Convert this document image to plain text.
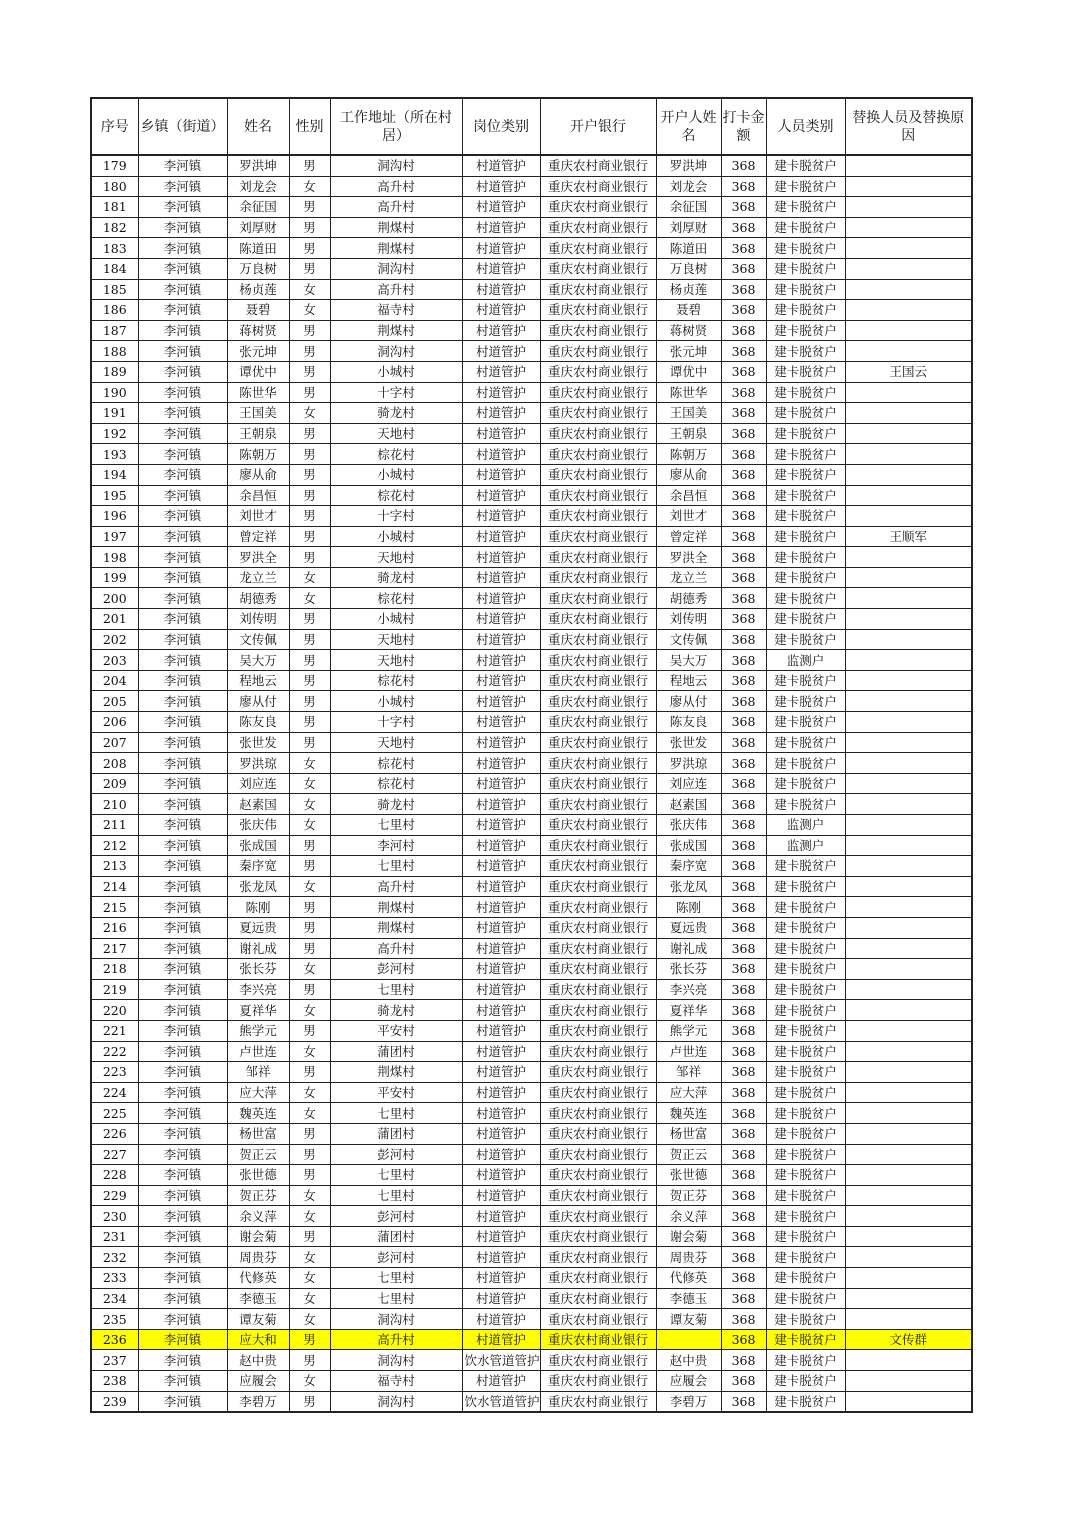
序号	乡镇（街道）	姓名	性别	工作地址（所在村居）	岗位类别	开户银行	开户人姓名	打卡金额	人员类别	替换人员及替换原因
179	李河镇	罗洪坤	男	洞沟村	村道管护	重庆农村商业银行	罗洪坤	368	建卡脱贫户	
180	李河镇	刘龙会	女	高升村	村道管护	重庆农村商业银行	刘龙会	368	建卡脱贫户	
181	李河镇	余征国	男	高升村	村道管护	重庆农村商业银行	余征国	368	建卡脱贫户	
182	李河镇	刘厚财	男	荆煤村	村道管护	重庆农村商业银行	刘厚财	368	建卡脱贫户	
183	李河镇	陈道田	男	荆煤村	村道管护	重庆农村商业银行	陈道田	368	建卡脱贫户	
184	李河镇	万良树	男	洞沟村	村道管护	重庆农村商业银行	万良树	368	建卡脱贫户	
185	李河镇	杨贞莲	女	高升村	村道管护	重庆农村商业银行	杨贞莲	368	建卡脱贫户	
186	李河镇	聂碧	女	福寺村	村道管护	重庆农村商业银行	聂碧	368	建卡脱贫户	
187	李河镇	蒋树贤	男	荆煤村	村道管护	重庆农村商业银行	蒋树贤	368	建卡脱贫户	
188	李河镇	张元坤	男	洞沟村	村道管护	重庆农村商业银行	张元坤	368	建卡脱贫户	
189	李河镇	谭优中	男	小城村	村道管护	重庆农村商业银行	谭优中	368	建卡脱贫户	王国云
190	李河镇	陈世华	男	十字村	村道管护	重庆农村商业银行	陈世华	368	建卡脱贫户	
191	李河镇	王国美	女	骑龙村	村道管护	重庆农村商业银行	王国美	368	建卡脱贫户	
192	李河镇	王朝泉	男	天地村	村道管护	重庆农村商业银行	王朝泉	368	建卡脱贫户	
193	李河镇	陈朝万	男	棕花村	村道管护	重庆农村商业银行	陈朝万	368	建卡脱贫户	
194	李河镇	廖从俞	男	小城村	村道管护	重庆农村商业银行	廖从俞	368	建卡脱贫户	
195	李河镇	余昌恒	男	棕花村	村道管护	重庆农村商业银行	余昌恒	368	建卡脱贫户	
196	李河镇	刘世才	男	十字村	村道管护	重庆农村商业银行	刘世才	368	建卡脱贫户	
197	李河镇	曾定祥	男	小城村	村道管护	重庆农村商业银行	曾定祥	368	建卡脱贫户	王顺军
198	李河镇	罗洪全	男	天地村	村道管护	重庆农村商业银行	罗洪全	368	建卡脱贫户	
199	李河镇	龙立兰	女	骑龙村	村道管护	重庆农村商业银行	龙立兰	368	建卡脱贫户	
200	李河镇	胡德秀	女	棕花村	村道管护	重庆农村商业银行	胡德秀	368	建卡脱贫户	
201	李河镇	刘传明	男	小城村	村道管护	重庆农村商业银行	刘传明	368	建卡脱贫户	
202	李河镇	文传佩	男	天地村	村道管护	重庆农村商业银行	文传佩	368	建卡脱贫户	
203	李河镇	吴大万	男	天地村	村道管护	重庆农村商业银行	吴大万	368	监测户	
204	李河镇	程地云	男	棕花村	村道管护	重庆农村商业银行	程地云	368	建卡脱贫户	
205	李河镇	廖从付	男	小城村	村道管护	重庆农村商业银行	廖从付	368	建卡脱贫户	
206	李河镇	陈友良	男	十字村	村道管护	重庆农村商业银行	陈友良	368	建卡脱贫户	
207	李河镇	张世发	男	天地村	村道管护	重庆农村商业银行	张世发	368	建卡脱贫户	
208	李河镇	罗洪琼	女	棕花村	村道管护	重庆农村商业银行	罗洪琼	368	建卡脱贫户	
209	李河镇	刘应连	女	棕花村	村道管护	重庆农村商业银行	刘应连	368	建卡脱贫户	
210	李河镇	赵素国	女	骑龙村	村道管护	重庆农村商业银行	赵素国	368	建卡脱贫户	
211	李河镇	张庆伟	女	七里村	村道管护	重庆农村商业银行	张庆伟	368	监测户	
212	李河镇	张成国	男	李河村	村道管护	重庆农村商业银行	张成国	368	监测户	
213	李河镇	秦序宽	男	七里村	村道管护	重庆农村商业银行	秦序宽	368	建卡脱贫户	
214	李河镇	张龙凤	女	高升村	村道管护	重庆农村商业银行	张龙凤	368	建卡脱贫户	
215	李河镇	陈刚	男	荆煤村	村道管护	重庆农村商业银行	陈刚	368	建卡脱贫户	
216	李河镇	夏远贵	男	荆煤村	村道管护	重庆农村商业银行	夏远贵	368	建卡脱贫户	
217	李河镇	谢礼成	男	高升村	村道管护	重庆农村商业银行	谢礼成	368	建卡脱贫户	
218	李河镇	张长芬	女	彭河村	村道管护	重庆农村商业银行	张长芬	368	建卡脱贫户	
219	李河镇	李兴亮	男	七里村	村道管护	重庆农村商业银行	李兴亮	368	建卡脱贫户	
220	李河镇	夏祥华	女	骑龙村	村道管护	重庆农村商业银行	夏祥华	368	建卡脱贫户	
221	李河镇	熊学元	男	平安村	村道管护	重庆农村商业银行	熊学元	368	建卡脱贫户	
222	李河镇	卢世连	女	蒲团村	村道管护	重庆农村商业银行	卢世连	368	建卡脱贫户	
223	李河镇	邹祥	男	荆煤村	村道管护	重庆农村商业银行	邹祥	368	建卡脱贫户	
224	李河镇	应大萍	女	平安村	村道管护	重庆农村商业银行	应大萍	368	建卡脱贫户	
225	李河镇	魏英连	女	七里村	村道管护	重庆农村商业银行	魏英连	368	建卡脱贫户	
226	李河镇	杨世富	男	蒲团村	村道管护	重庆农村商业银行	杨世富	368	建卡脱贫户	
227	李河镇	贺正云	男	彭河村	村道管护	重庆农村商业银行	贺正云	368	建卡脱贫户	
228	李河镇	张世德	男	七里村	村道管护	重庆农村商业银行	张世德	368	建卡脱贫户	
229	李河镇	贺正芬	女	七里村	村道管护	重庆农村商业银行	贺正芬	368	建卡脱贫户	
230	李河镇	余义萍	女	彭河村	村道管护	重庆农村商业银行	余义萍	368	建卡脱贫户	
231	李河镇	谢会菊	男	蒲团村	村道管护	重庆农村商业银行	谢会菊	368	建卡脱贫户	
232	李河镇	周贵芬	女	彭河村	村道管护	重庆农村商业银行	周贵芬	368	建卡脱贫户	
233	李河镇	代修英	女	七里村	村道管护	重庆农村商业银行	代修英	368	建卡脱贫户	
234	李河镇	李德玉	女	七里村	村道管护	重庆农村商业银行	李德玉	368	建卡脱贫户	
235	李河镇	谭友菊	女	洞沟村	村道管护	重庆农村商业银行	谭友菊	368	建卡脱贫户	
236	李河镇	应大和	男	高升村	村道管护	重庆农村商业银行		368	建卡脱贫户	文传群
237	李河镇	赵中贵	男	洞沟村	饮水管道管护	重庆农村商业银行	赵中贵	368	建卡脱贫户	
238	李河镇	应履会	女	福寺村	村道管护	重庆农村商业银行	应履会	368	建卡脱贫户	
239	李河镇	李碧万	男	洞沟村	饮水管道管护	重庆农村商业银行	李碧万	368	建卡脱贫户	
